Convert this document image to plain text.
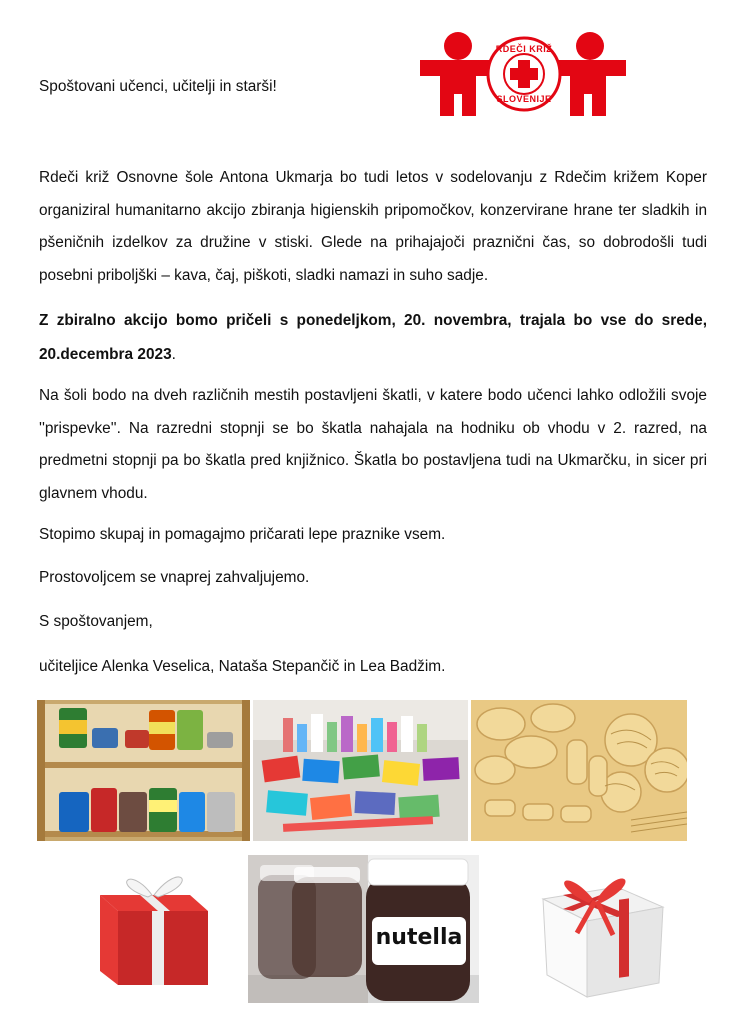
RDEČI KRIŽ
SLOVENIJE
Spoštovani učenci, učitelji in starši!
Rdeči križ Osnovne šole Antona Ukmarja bo tudi letos v sodelovanju z Rdečim križem Koper organiziral humanitarno akcijo zbiranja higienskih pripomočkov, konzervirane hrane ter sladkih in pšeničnih izdelkov za družine v stiski. Glede na prihajajoči praznični čas, so dobrodošli tudi posebni priboljški – kava, čaj, piškoti, sladki namazi in suho sadje.
Z zbiralno akcijo bomo pričeli s ponedeljkom, 20. novembra, trajala bo vse do srede, 20.decembra 2023.
Na šoli bodo na dveh različnih mestih postavljeni škatli, v katere bodo učenci lahko odložili svoje ''prispevke''. Na razredni stopnji se bo škatla nahajala na hodniku ob vhodu v 2. razred, na predmetni stopnji pa bo škatla pred knjižnico. Škatla bo postavljena tudi na Ukmarčku, in sicer pri glavnem vhodu.
Stopimo skupaj in pomagajmo pričarati lepe praznike vsem.
Prostovoljcem se vnaprej zahvaljujemo.
S spoštovanjem,
učiteljice Alenka Veselica, Nataša Stepančič in Lea Badžim.
nutella
